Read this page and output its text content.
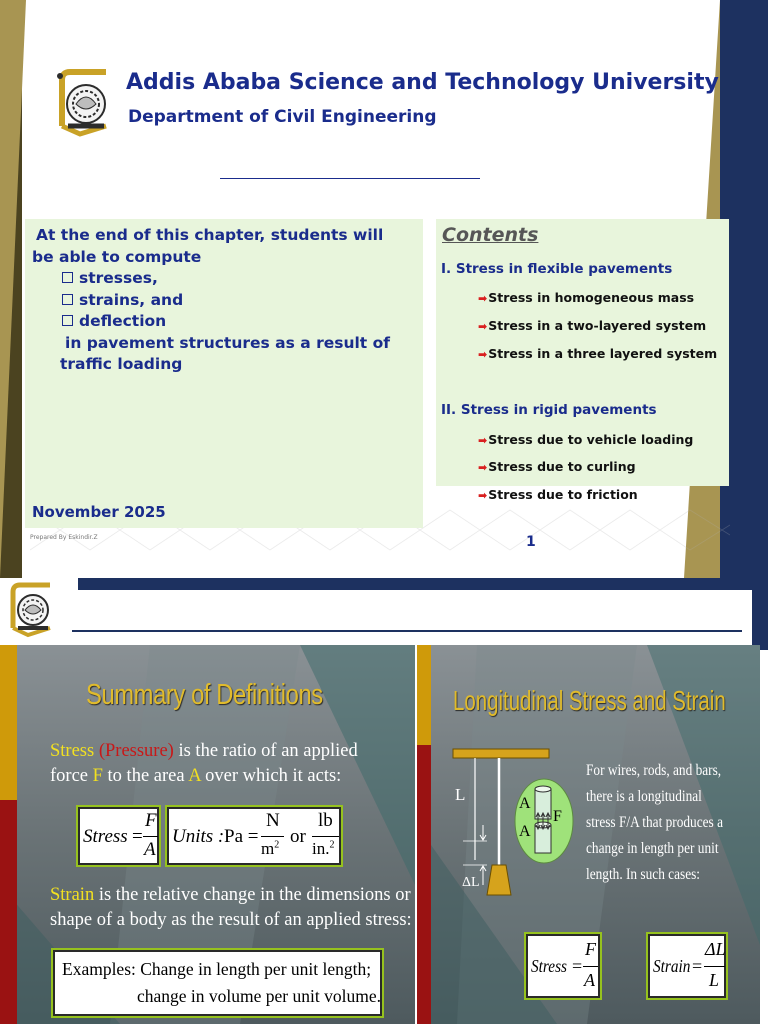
Addis Ababa Science and Technology University
Department of Civil Engineering
At the end of this chapter, students will
be able to compute
stresses,
strains, and
deflection
in pavement structures as a result of
traffic loading
November 2025
Contents
I. Stress in flexible pavements
➡Stress in homogeneous mass
➡Stress in a two-layered system
➡Stress in a three layered system
II. Stress in rigid pavements
➡Stress due to vehicle loading
➡Stress due to curling
➡Stress due to friction
Prepared By Eskindir.Z	1
Summary of Definitions
Stress (Pressure) is the ratio of an applied
force F to the area A over which it acts:
Stress =
F
A
Units : Pa =
N
$m^2$ or
lb
in.$^2$
Strain is the relative change in the dimensions or
shape of a body as the result of an applied stress:
Examples: Change in length per unit length;
change in volume per unit volume.
Longitudinal Stress and Strain
L
ΔL
A
A
F
For wires, rods, and bars,
there is a longitudinal
stress F/A that produces a
change in length per unit
length. In such cases:
Stress =
F
A
Strain =
ΔL
L
